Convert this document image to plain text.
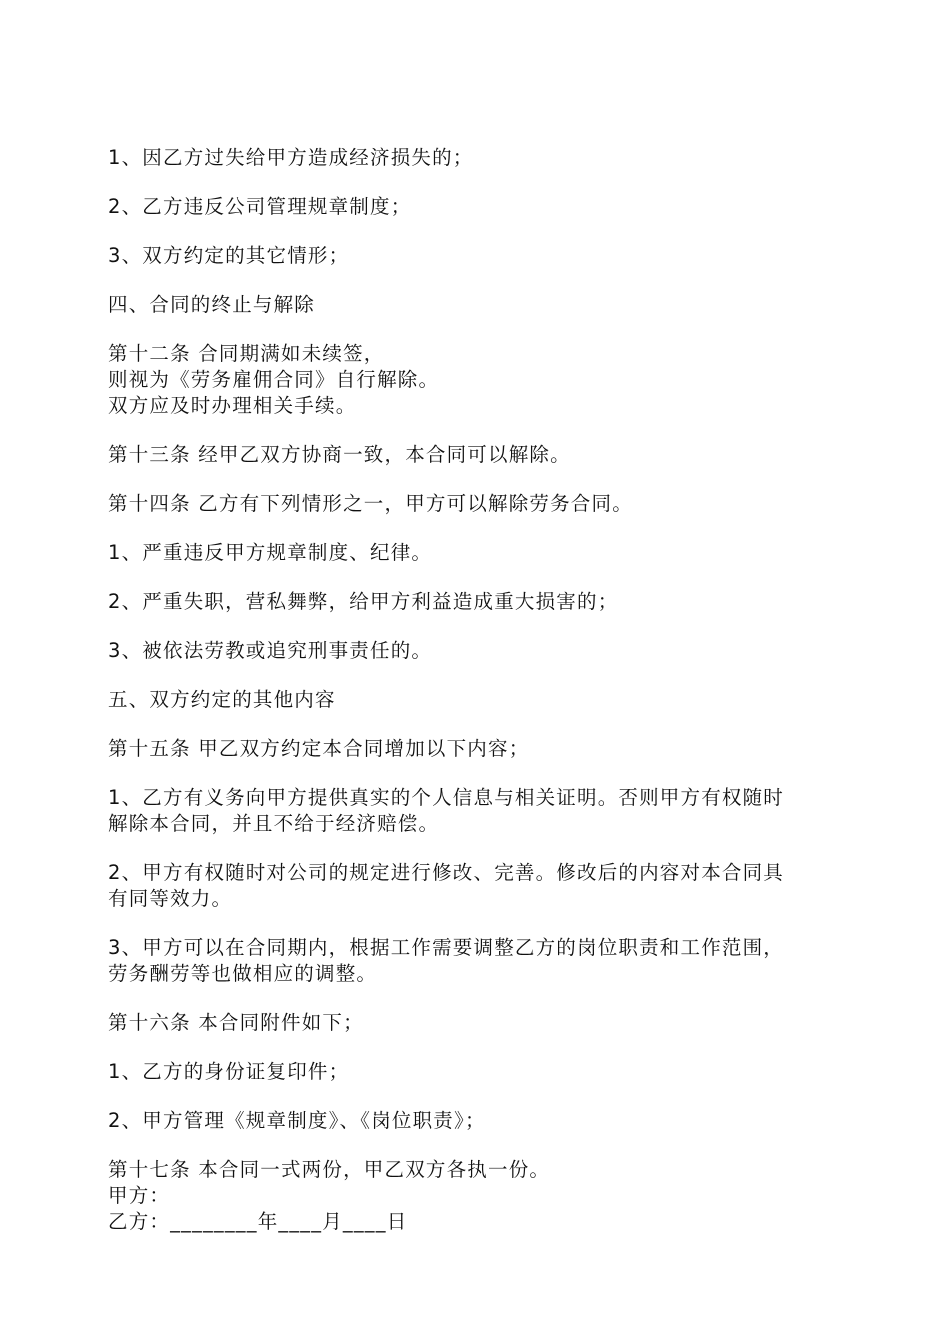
1、因乙方过失给甲方造成经济损失的；
2、乙方违反公司管理规章制度；
3、双方约定的其它情形；
四、合同的终止与解除
第十二条 合同期满如未续签，
则视为《劳务雇佣合同》自行解除。
双方应及时办理相关手续。
第十三条 经甲乙双方协商一致，本合同可以解除。
第十四条 乙方有下列情形之一，甲方可以解除劳务合同。
1、严重违反甲方规章制度、纪律。
2、严重失职，营私舞弊，给甲方利益造成重大损害的；
3、被依法劳教或追究刑事责任的。
五、双方约定的其他内容
第十五条 甲乙双方约定本合同增加以下内容；
1、乙方有义务向甲方提供真实的个人信息与相关证明。否则甲方有权随时
解除本合同，并且不给于经济赔偿。
2、甲方有权随时对公司的规定进行修改、完善。修改后的内容对本合同具
有同等效力。
3、甲方可以在合同期内，根据工作需要调整乙方的岗位职责和工作范围，
劳务酬劳等也做相应的调整。
第十六条 本合同附件如下；
1、乙方的身份证复印件；
2、甲方管理《规章制度》、《岗位职责》；
第十七条 本合同一式两份，甲乙双方各执一份。
甲方：
乙方：________年____月____日
